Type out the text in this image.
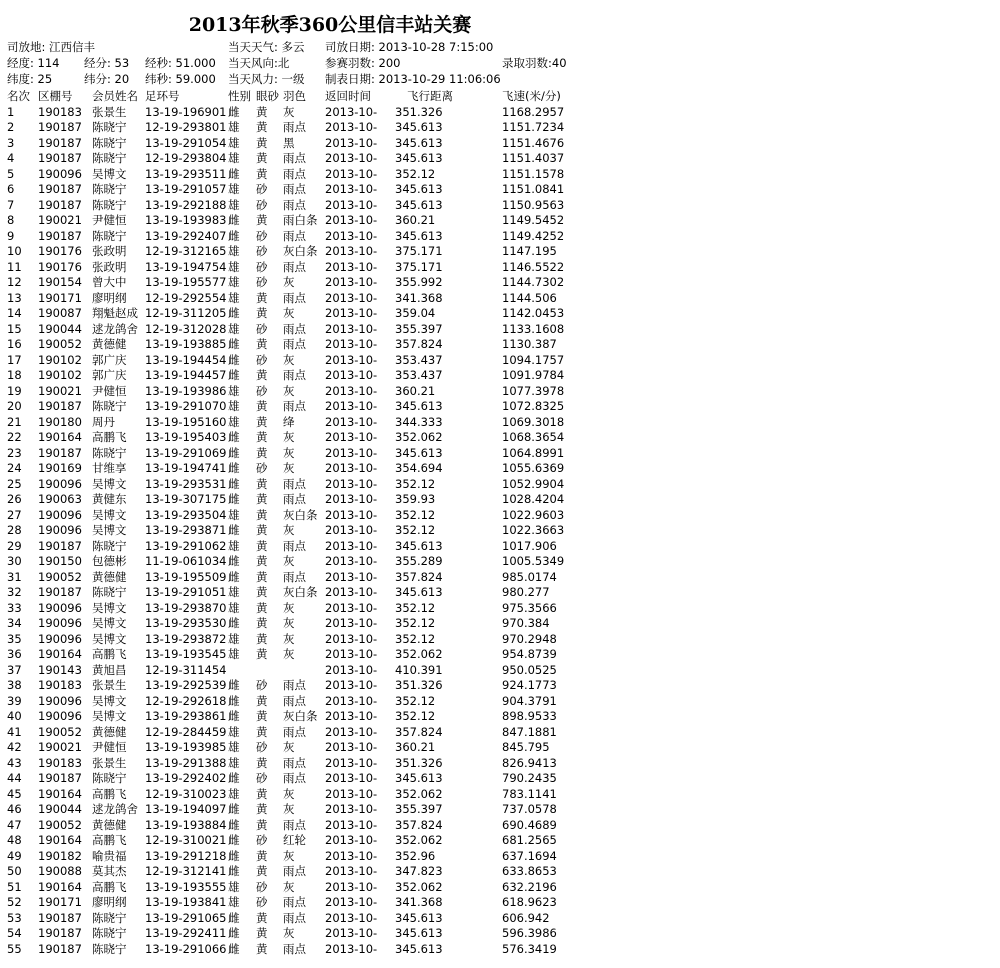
2013年秋季360公里信丰站关赛
司放地: 江西信丰	当天天气: 多云 司放日期: 2013-10-28 7:15:00
经度: 114 经分: 53 经秒: 51.000 当天风向:北	参赛羽数: 200	录取羽数:40
纬度: 25	纬分: 20 纬秒: 59.000 当天风力: 一级 制表日期: 2013-10-29 11:06:06
名次 区棚号 会员姓名 足环号	性别 眼砂 羽色 返回时间	飞行距离	飞速(米/分)
1 190183 张景生 13-19-196901 雌 黄 灰	2013-10- 351.326	1168.2957
2 190187 陈晓宁 12-19-293801 雄 黄 雨点 2013-10- 345.613	1151.7234
3 190187 陈晓宁 13-19-291054 雄 黄 黑	2013-10- 345.613	1151.4676
4 190187 陈晓宁 12-19-293804 雄 黄 雨点 2013-10- 345.613	1151.4037
5 190096 吴博文 13-19-293511 雌 黄 雨点 2013-10- 352.12	1151.1578
6 190187 陈晓宁 13-19-291057 雄 砂 雨点 2013-10- 345.613	1151.0841
7 190187 陈晓宁 13-19-292188 雄 砂 雨点 2013-10- 345.613	1150.9563
8 190021 尹健恒 13-19-193983 雌 黄 雨白条 2013-10- 360.21	1149.5452
9 190187 陈晓宁 13-19-292407 雌 砂 雨点 2013-10- 345.613	1149.4252
10 190176 张政明 12-19-312165 雄 砂 灰白条 2013-10- 375.171	1147.195
11 190176 张政明 13-19-194754 雄 砂 雨点 2013-10- 375.171	1146.5522
12 190154 曾大中 13-19-195577 雄 砂 灰	2013-10- 355.992	1144.7302
13 190171 廖明纲 12-19-292554 雄 黄 雨点 2013-10- 341.368	1144.506
14 190087 翔魁赵成 12-19-311205 雌 黄 灰	2013-10- 359.04	1142.0453
15 190044 逑龙鸽舍 12-19-312028 雄 砂 雨点 2013-10- 355.397	1133.1608
16 190052 黄德健 13-19-193885 雌 黄 雨点 2013-10- 357.824	1130.387
17 190102 郭广庆 13-19-194454 雌 砂 灰	2013-10- 353.437	1094.1757
18 190102 郭广庆 13-19-194457 雌 黄 雨点 2013-10- 353.437	1091.9784
19 190021 尹健恒 13-19-193986 雄 砂 灰	2013-10- 360.21	1077.3978
20 190187 陈晓宁 13-19-291070 雄 黄 雨点 2013-10- 345.613	1072.8325
21 190180 周丹	13-19-195160 雄 黄 绛	2013-10- 344.333	1069.3018
22 190164 高鹏飞 13-19-195403 雌 黄 灰	2013-10- 352.062	1068.3654
23 190187 陈晓宁 13-19-291069 雌 黄 灰	2013-10- 345.613	1064.8991
24 190169 甘维享 13-19-194741 雌 砂 灰	2013-10- 354.694	1055.6369
25 190096 吴博文 13-19-293531 雌 黄 雨点 2013-10- 352.12	1052.9904
26 190063 黄健东 13-19-307175 雌 黄 雨点 2013-10- 359.93	1028.4204
27 190096 吴博文 13-19-293504 雄 黄 灰白条 2013-10- 352.12	1022.9603
28 190096 吴博文 13-19-293871 雌 黄 灰	2013-10- 352.12	1022.3663
29 190187 陈晓宁 13-19-291062 雄 黄 雨点 2013-10- 345.613	1017.906
30 190150 包德彬 11-19-061034 雌 黄 灰	2013-10- 355.289	1005.5349
31 190052 黄德健 13-19-195509 雌 黄 雨点 2013-10- 357.824	985.0174
32 190187 陈晓宁 13-19-291051 雄 黄 灰白条 2013-10- 345.613	980.277
33 190096 吴博文 13-19-293870 雄 黄 灰	2013-10- 352.12	975.3566
34 190096 吴博文 13-19-293530 雌 黄 灰	2013-10- 352.12	970.384
35 190096 吴博文 13-19-293872 雄 黄 灰	2013-10- 352.12	970.2948
36 190164 高鹏飞 13-19-193545 雄 黄 灰	2013-10- 352.062	954.8739
37 190143 黄旭昌 12-19-311454	2013-10- 410.391	950.0525
38 190183 张景生 13-19-292539 雌 砂 雨点 2013-10- 351.326	924.1773
39 190096 吴博文 12-19-292618 雌 黄 雨点 2013-10- 352.12	904.3791
40 190096 吴博文 13-19-293861 雌 黄 灰白条 2013-10- 352.12	898.9533
41 190052 黄德健 12-19-284459 雄 黄 雨点 2013-10- 357.824	847.1881
42 190021 尹健恒 13-19-193985 雄 砂 灰	2013-10- 360.21	845.795
43 190183 张景生 13-19-291388 雄 黄 雨点 2013-10- 351.326	826.9413
44 190187 陈晓宁 13-19-292402 雌 砂 雨点 2013-10- 345.613	790.2435
45 190164 高鹏飞 12-19-310023 雄 黄 灰	2013-10- 352.062	783.1141
46 190044 逑龙鸽舍 13-19-194097 雌 黄 灰	2013-10- 355.397	737.0578
47 190052 黄德健 13-19-193884 雌 黄 雨点 2013-10- 357.824	690.4689
48 190164 高鹏飞 12-19-310021 雌 砂 红轮 2013-10- 352.062	681.2565
49 190182 喻贵福 13-19-291218 雌 黄 灰	2013-10- 352.96	637.1694
50 190088 莫其杰 12-19-312141 雌 黄 雨点 2013-10- 347.823	633.8653
51 190164 高鹏飞 13-19-193555 雄 砂 灰	2013-10- 352.062	632.2196
52 190171 廖明纲 13-19-193841 雄 砂 雨点 2013-10- 341.368	618.9623
53 190187 陈晓宁 13-19-291065 雌 黄 雨点 2013-10- 345.613	606.942
54 190187 陈晓宁 13-19-292411 雌 黄 灰	2013-10- 345.613	596.3986
55 190187 陈晓宁 13-19-291066 雌 黄 雨点 2013-10- 345.613	576.3419
